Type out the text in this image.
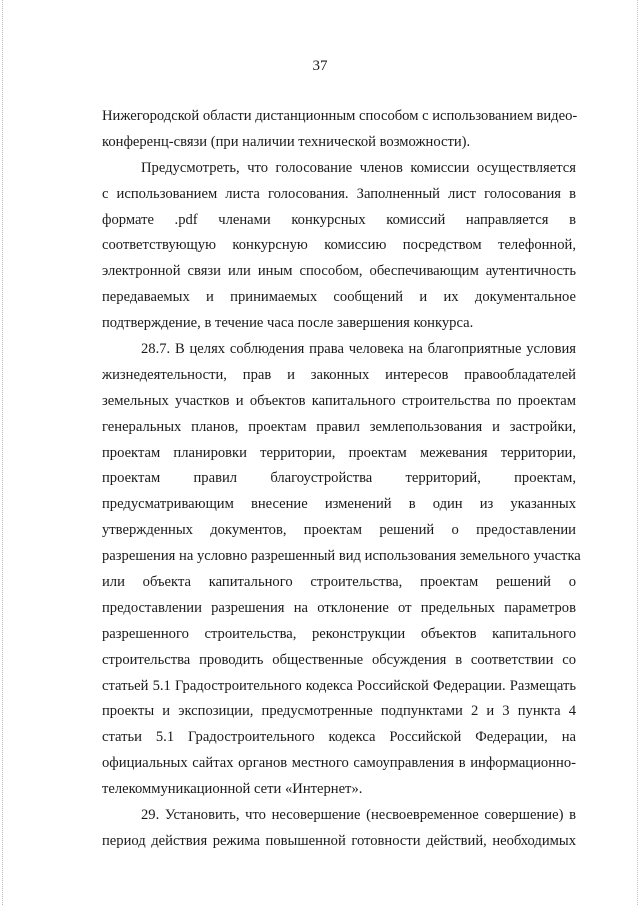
37
Нижегородской области дистанционным способом с использованием видео-
конференц-связи (при наличии технической возможности).
Предусмотреть, что голосование членов комиссии осуществляется
с использованием листа голосования. Заполненный лист голосования в
формате .pdf членами конкурсных комиссий направляется в
соответствующую конкурсную комиссию посредством телефонной,
электронной связи или иным способом, обеспечивающим аутентичность
передаваемых и принимаемых сообщений и их документальное
подтверждение, в течение часа после завершения конкурса.
28.7. В целях соблюдения права человека на благоприятные условия
жизнедеятельности, прав и законных интересов правообладателей
земельных участков и объектов капитального строительства по проектам
генеральных планов, проектам правил землепользования и застройки,
проектам планировки территории, проектам межевания территории,
проектам правил благоустройства территорий, проектам,
предусматривающим внесение изменений в один из указанных
утвержденных документов, проектам решений о предоставлении
разрешения на условно разрешенный вид использования земельного участка
или объекта капитального строительства, проектам решений о
предоставлении разрешения на отклонение от предельных параметров
разрешенного строительства, реконструкции объектов капитального
строительства проводить общественные обсуждения в соответствии со
статьей 5.1 Градостроительного кодекса Российской Федерации. Размещать
проекты и экспозиции, предусмотренные подпунктами 2 и 3 пункта 4
статьи 5.1 Градостроительного кодекса Российской Федерации, на
официальных сайтах органов местного самоуправления в информационно-
телекоммуникационной сети «Интернет».
29. Установить, что несовершение (несвоевременное совершение) в
период действия режима повышенной готовности действий, необходимых
